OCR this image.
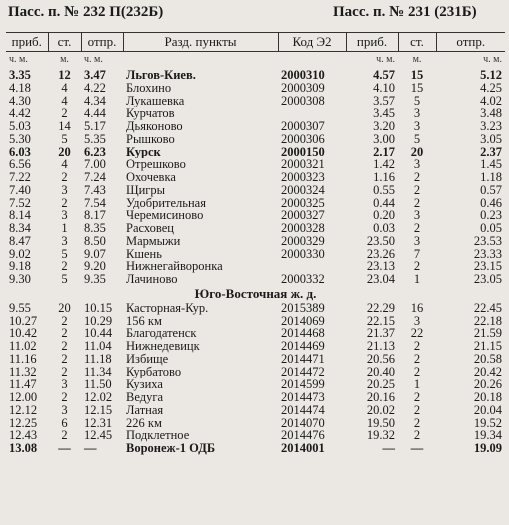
Пасс. п. № 232 П(232Б)	Пасс. п. № 231 (231Б)
приб.	ст.	отпр.	Разд. пункты	Код Э2	приб.	ст.	отпр.
ч. м.	м.	ч. м.			ч. м.	м.	ч. м.
3.35	12	3.47	Льгов-Киев.	2000310	4.57	15	5.12
4.18	4	4.22	Блохино	2000309	4.10	15	4.25
4.30	4	4.34	Лукашевка	2000308	3.57	5	4.02
4.42	2	4.44	Курчатов		3.45	3	3.48
5.03	14	5.17	Дьяконово	2000307	3.20	3	3.23
5.30	5	5.35	Рышково	2000306	3.00	5	3.05
6.03	20	6.23	Курск	2000150	2.17	20	2.37
6.56	4	7.00	Отрешково	2000321	1.42	3	1.45
7.22	2	7.24	Охочевка	2000323	1.16	2	1.18
7.40	3	7.43	Щигры	2000324	0.55	2	0.57
7.52	2	7.54	Удобрительная	2000325	0.44	2	0.46
8.14	3	8.17	Черемисиново	2000327	0.20	3	0.23
8.34	1	8.35	Расховец	2000328	0.03	2	0.05
8.47	3	8.50	Мармыжи	2000329	23.50	3	23.53
9.02	5	9.07	Кшень	2000330	23.26	7	23.33
9.18	2	9.20	Нижнегайворонка		23.13	2	23.15
9.30	5	9.35	Лачиново	2000332	23.04	1	23.05
Юго-Восточная ж. д.							
9.55	20	10.15	Касторная-Кур.	2015389	22.29	16	22.45
10.27	2	10.29	156 км	2014069	22.15	3	22.18
10.42	2	10.44	Благодатенск	2014468	21.37	22	21.59
11.02	2	11.04	Нижнедевицк	2014469	21.13	2	21.15
11.16	2	11.18	Избище	2014471	20.56	2	20.58
11.32	2	11.34	Курбатово	2014472	20.40	2	20.42
11.47	3	11.50	Кузиха	2014599	20.25	1	20.26
12.00	2	12.02	Ведуга	2014473	20.16	2	20.18
12.12	3	12.15	Латная	2014474	20.02	2	20.04
12.25	6	12.31	226 км	2014070	19.50	2	19.52
12.43	2	12.45	Подклетное	2014476	19.32	2	19.34
13.08	—	—	Воронеж-1 ОДБ	2014001	—	—	19.09
